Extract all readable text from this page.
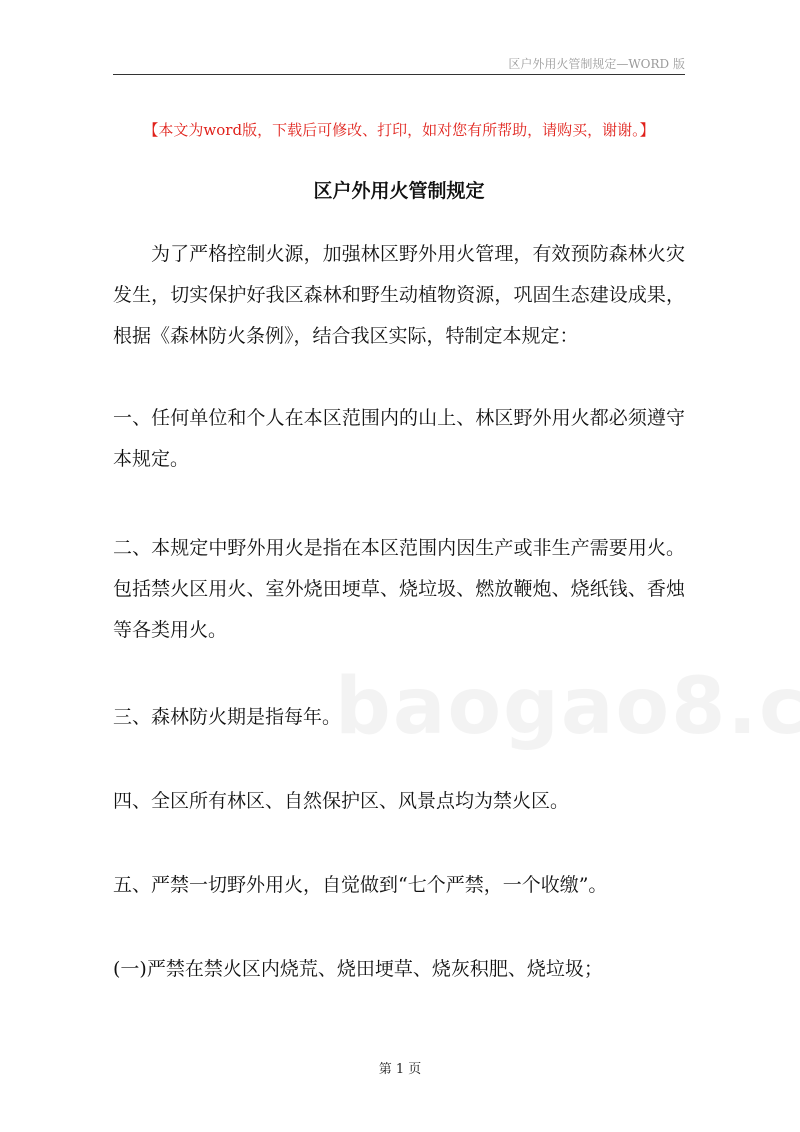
区户外用火管制规定—WORD 版
【本文为word版，下载后可修改、打印，如对您有所帮助，请购买，谢谢。】
区户外用火管制规定

为了严格控制火源，加强林区野外用火管理，有效预防森林火灾发生，切实保护好我区森林和野生动植物资源，巩固生态建设成果，根据《森林防火条例》，结合我区实际，特制定本规定：

一、任何单位和个人在本区范围内的山上、林区野外用火都必须遵守本规定。

二、本规定中野外用火是指在本区范围内因生产或非生产需要用火。包括禁火区用火、室外烧田埂草、烧垃圾、燃放鞭炮、烧纸钱、香烛等各类用火。

三、森林防火期是指每年。

四、全区所有林区、自然保护区、风景点均为禁火区。

五、严禁一切野外用火，自觉做到“七个严禁，一个收缴”。

(一)严禁在禁火区内烧荒、烧田埂草、烧灰积肥、烧垃圾；

第 1 页
